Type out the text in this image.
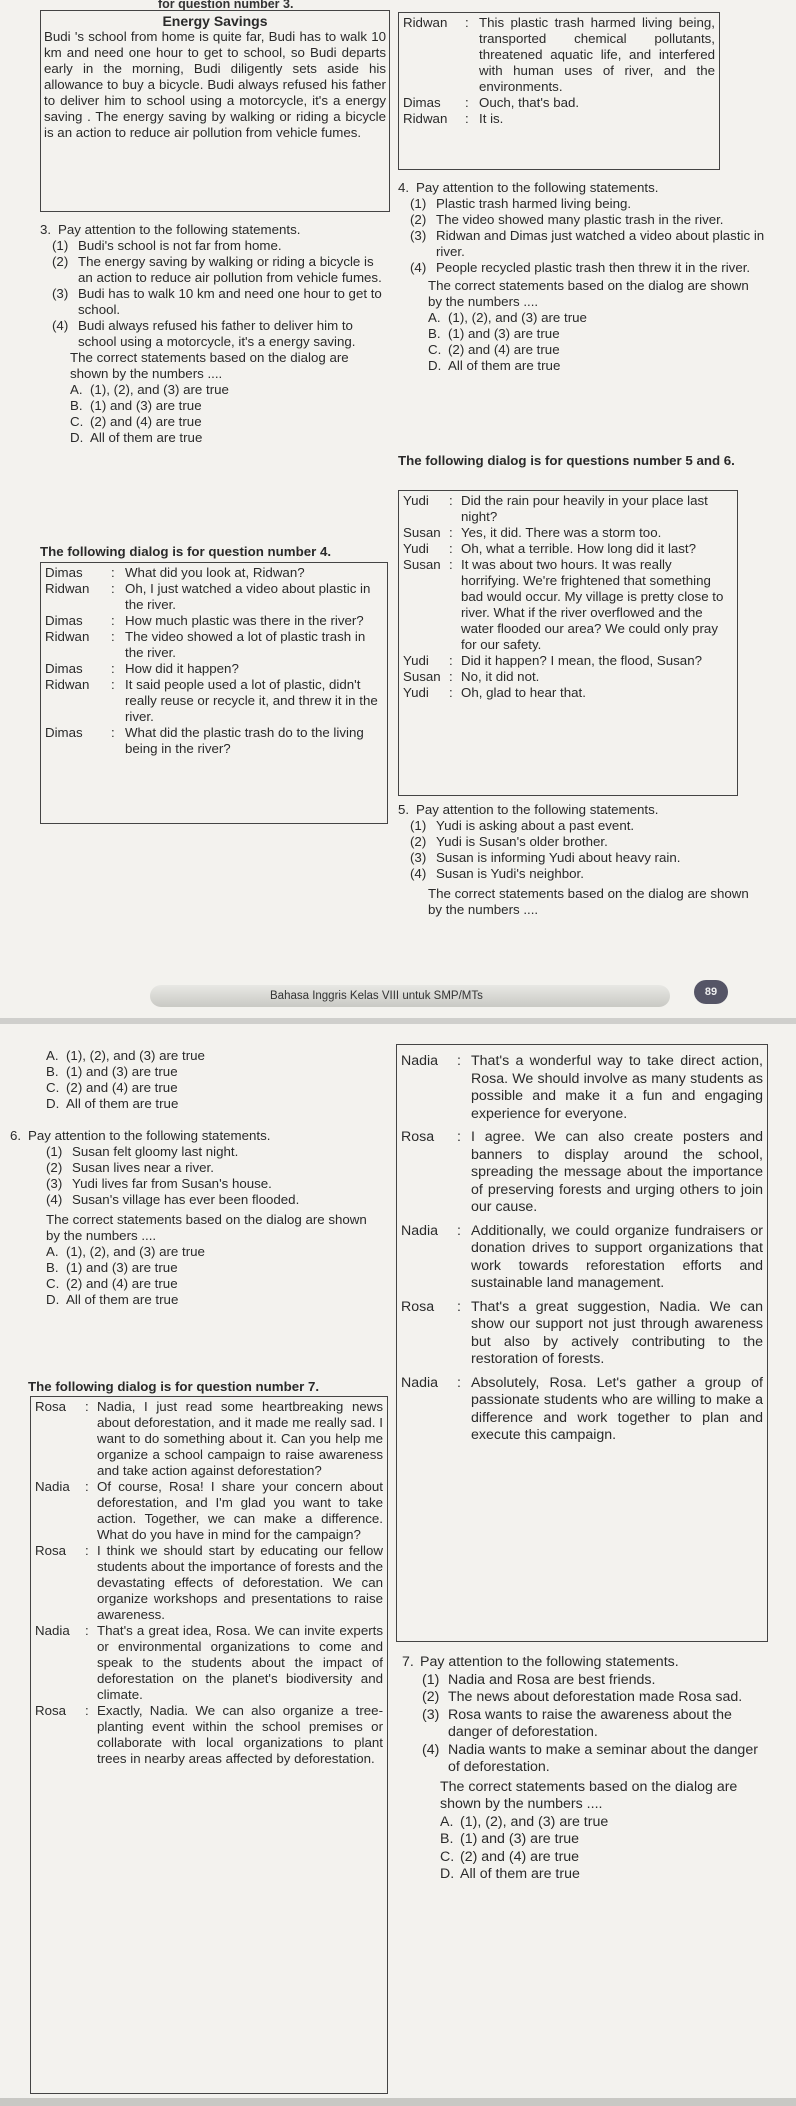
for question number 3.
Energy Savings
Budi 's school from home is quite far, Budi has to walk 10 km and need one hour to get to school, so Budi departs early in the morning, Budi diligently sets aside his allowance to buy a bicycle. Budi always refused his father to deliver him to school using a motorcycle, it's a energy saving . The energy saving by walking or riding a bicycle is an action to reduce air pollution from vehicle fumes.
3. Pay attention to the following statements.
(1) Budi's school is not far from home.
(2) The energy saving by walking or riding a bicycle is an action to reduce air pollution from vehicle fumes.
(3) Budi has to walk 10 km and need one hour to get to school.
(4) Budi always refused his father to deliver him to school using a motorcycle, it's a energy saving.
The correct statements based on the dialog are shown by the numbers ....
A. (1), (2), and (3) are true
B. (1) and (3) are true
C. (2) and (4) are true
D. All of them are true
The following dialog is for question number 4.
Dimas	: What did you look at, Ridwan?
Ridwan	: Oh, I just watched a video about plastic in the river.
Dimas	: How much plastic was there in the river?
Ridwan	: The video showed a lot of plastic trash in the river.
Dimas	: How did it happen?
Ridwan	: It said people used a lot of plastic, didn't really reuse or recycle it, and threw it in the river.
Dimas	: What did the plastic trash do to the living being in the river?
Ridwan	: This plastic trash harmed living being, transported chemical pollutants, threatened aquatic life, and interfered with human uses of river, and the environments.
Dimas	: Ouch, that's bad.
Ridwan	: It is.
4. Pay attention to the following statements.
(1) Plastic trash harmed living being.
(2) The video showed many plastic trash in the river.
(3) Ridwan and Dimas just watched a video about plastic in river.
(4) People recycled plastic trash then threw it in the river.
The correct statements based on the dialog are shown by the numbers ....
A. (1), (2), and (3) are true
B. (1) and (3) are true
C. (2) and (4) are true
D. All of them are true
The following dialog is for questions number 5 and 6.
Yudi	: Did the rain pour heavily in your place last night?
Susan : Yes, it did. There was a storm too.
Yudi	: Oh, what a terrible. How long did it last?
Susan : It was about two hours. It was really horrifying. We're frightened that something bad would occur. My village is pretty close to river. What if the river overflowed and the water flooded our area? We could only pray for our safety.
Yudi	: Did it happen? I mean, the flood, Susan?
Susan : No, it did not.
Yudi	: Oh, glad to hear that.
5. Pay attention to the following statements.
(1) Yudi is asking about a past event.
(2) Yudi is Susan's older brother.
(3) Susan is informing Yudi about heavy rain.
(4) Susan is Yudi's neighbor.
The correct statements based on the dialog are shown by the numbers ....
Bahasa Inggris Kelas VIII untuk SMP/MTs	89
A. (1), (2), and (3) are true
B. (1) and (3) are true
C. (2) and (4) are true
D. All of them are true
6. Pay attention to the following statements.
(1) Susan felt gloomy last night.
(2) Susan lives near a river.
(3) Yudi lives far from Susan's house.
(4) Susan's village has ever been flooded.
The correct statements based on the dialog are shown by the numbers ....
A. (1), (2), and (3) are true
B. (1) and (3) are true
C. (2) and (4) are true
D. All of them are true
The following dialog is for question number 7.
Rosa	: Nadia, I just read some heartbreaking news about deforestation, and it made me really sad. I want to do something about it. Can you help me organize a school campaign to raise awareness and take action against deforestation?
Nadia	: Of course, Rosa! I share your concern about deforestation, and I'm glad you want to take action. Together, we can make a difference. What do you have in mind for the campaign?
Rosa	: I think we should start by educating our fellow students about the importance of forests and the devastating effects of deforestation. We can organize workshops and presentations to raise awareness.
Nadia	: That's a great idea, Rosa. We can invite experts or environmental organizations to come and speak to the students about the impact of deforestation on the planet's biodiversity and climate.
Rosa	: Exactly, Nadia. We can also organize a tree-planting event within the school premises or collaborate with local organizations to plant trees in nearby areas affected by deforestation.
Nadia	: That's a wonderful way to take direct action, Rosa. We should involve as many students as possible and make it a fun and engaging experience for everyone.
Rosa	: I agree. We can also create posters and banners to display around the school, spreading the message about the importance of preserving forests and urging others to join our cause.
Nadia	: Additionally, we could organize fundraisers or donation drives to support organizations that work towards reforestation efforts and sustainable land management.
Rosa	: That's a great suggestion, Nadia. We can show our support not just through awareness but also by actively contributing to the restoration of forests.
Nadia	: Absolutely, Rosa. Let's gather a group of passionate students who are willing to make a difference and work together to plan and execute this campaign.
7. Pay attention to the following statements.
(1) Nadia and Rosa are best friends.
(2) The news about deforestation made Rosa sad.
(3) Rosa wants to raise the awareness about the danger of deforestation.
(4) Nadia wants to make a seminar about the danger of deforestation.
The correct statements based on the dialog are shown by the numbers ....
A. (1), (2), and (3) are true
B. (1) and (3) are true
C. (2) and (4) are true
D. All of them are true
